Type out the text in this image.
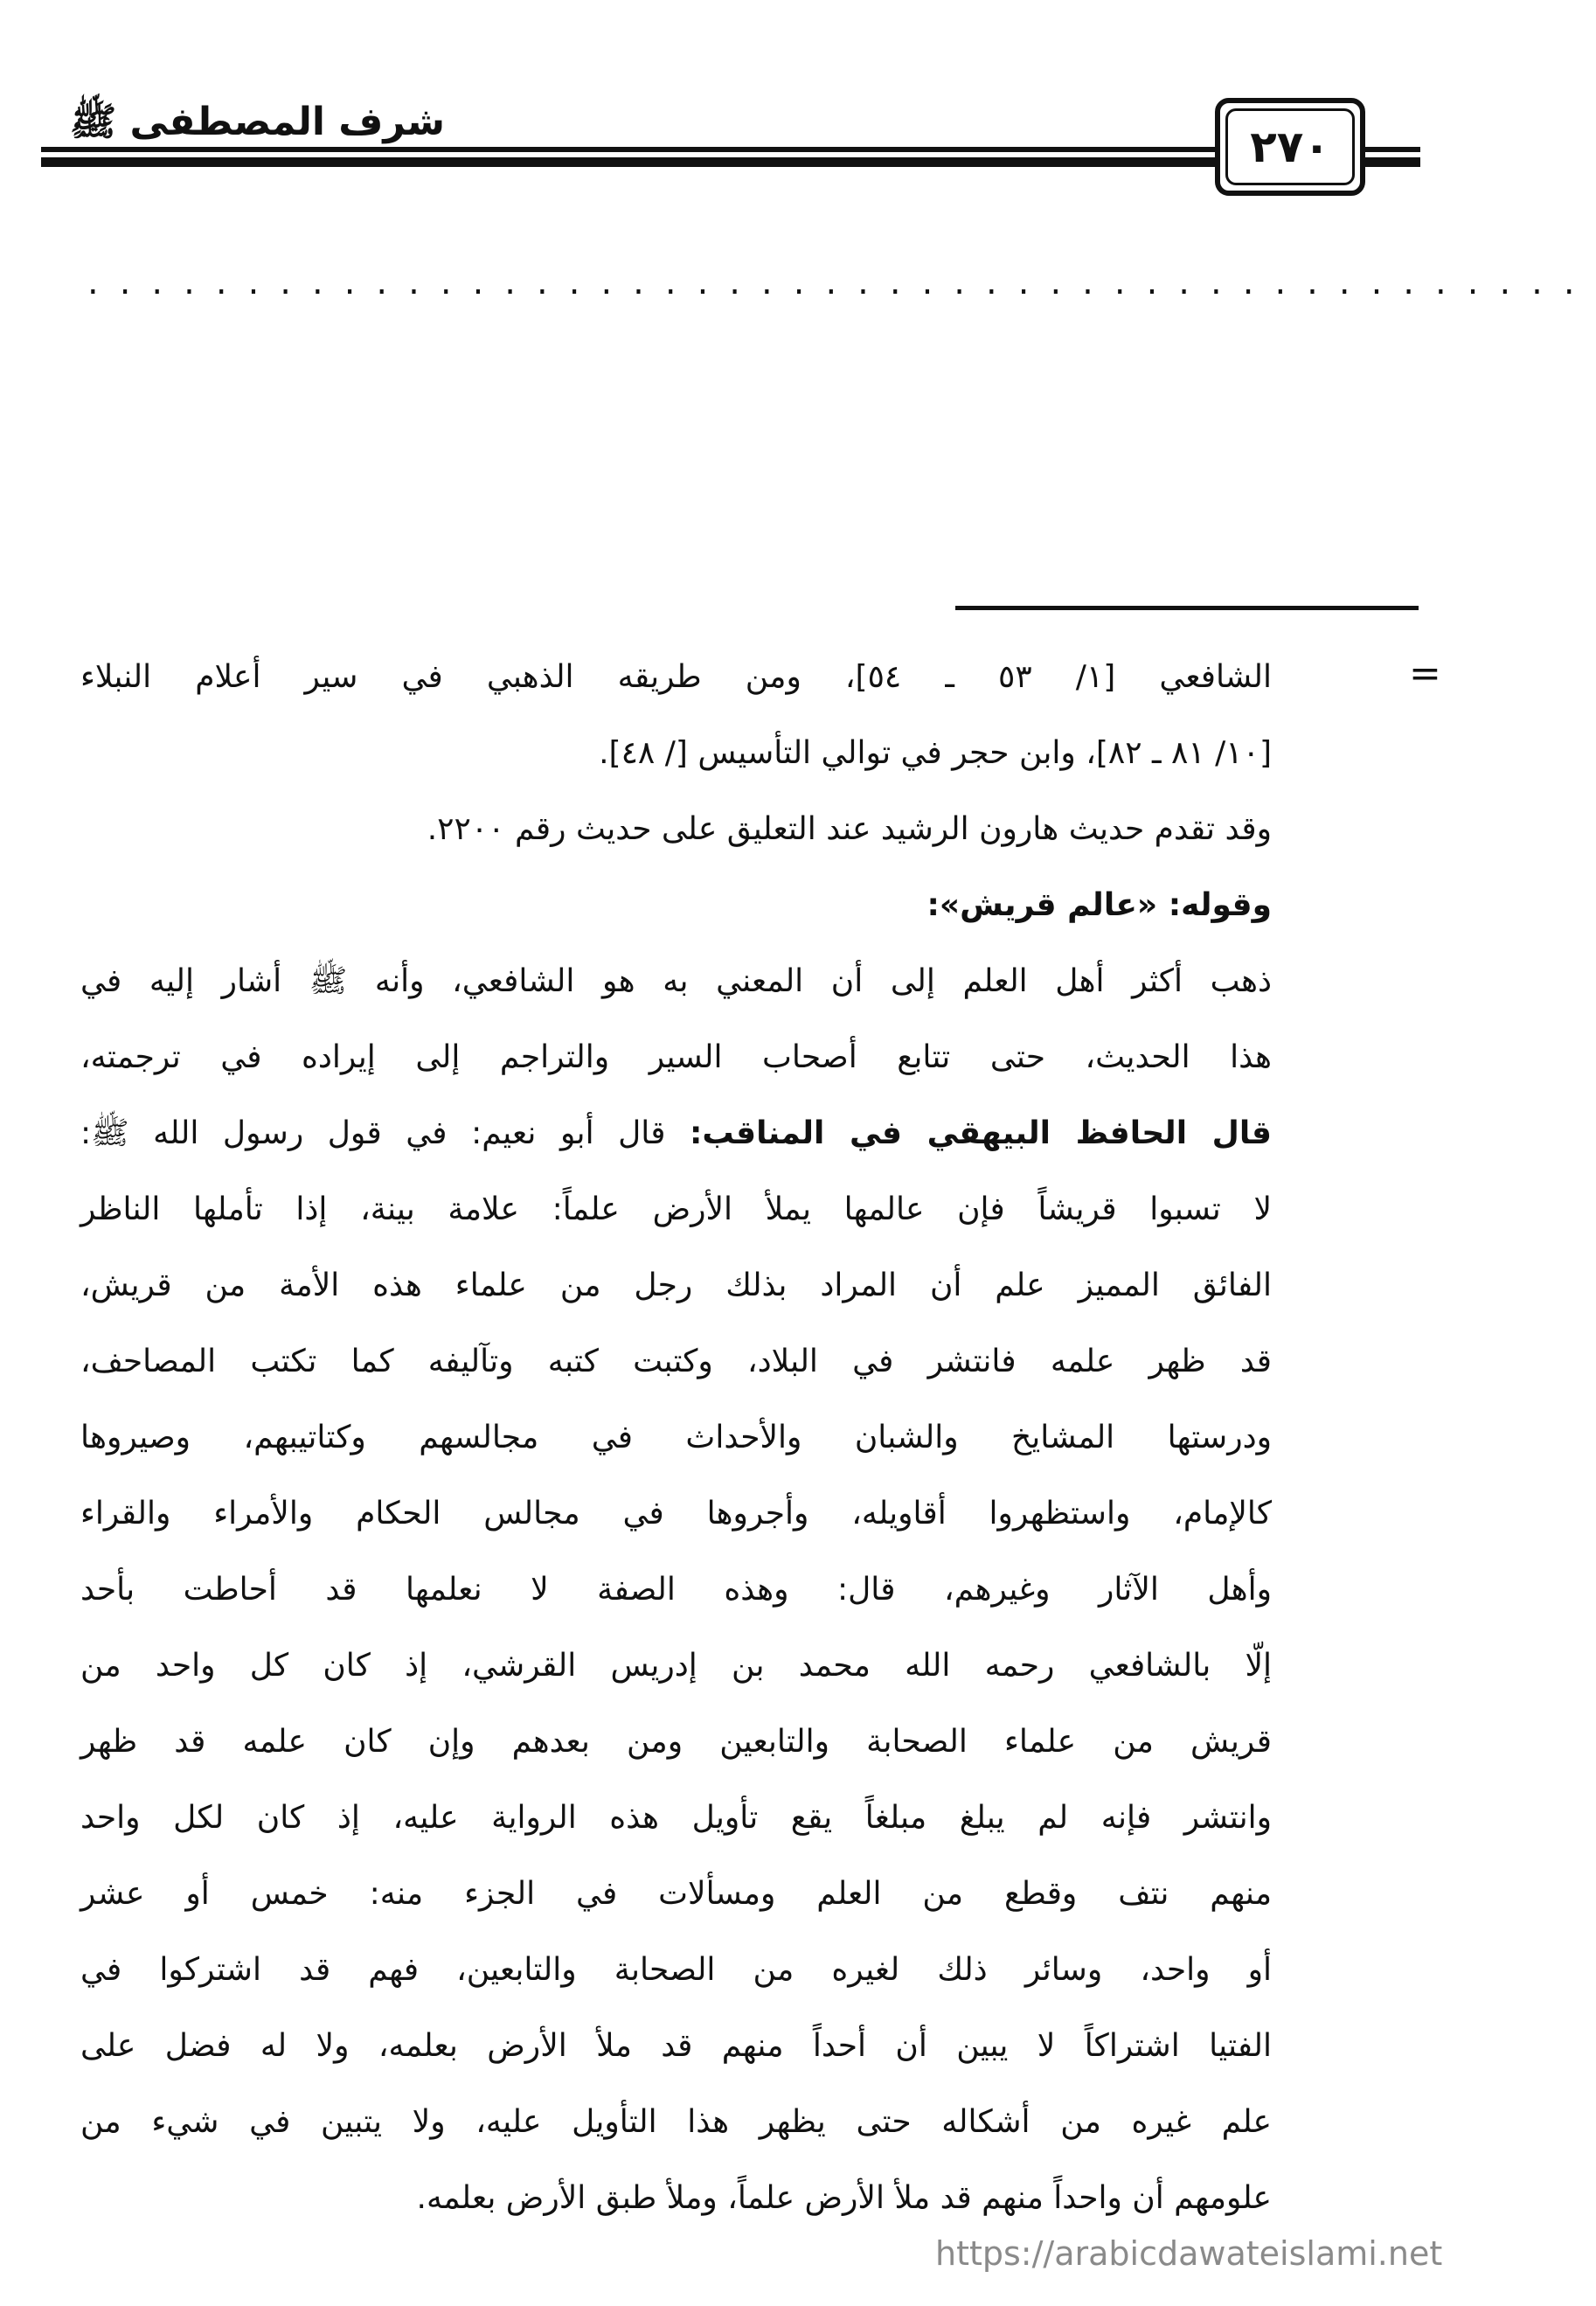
شرف المصطفى ﷺ	٢٧٠
...............................................
=
الشافعي [١/ ٥٣ ـ ٥٤]، ومن طريقه الذهبي في سير أعلام النبلاء
[١٠/ ٨١ ـ ٨٢]، وابن حجر في توالي التأسيس [/ ٤٨].
وقد تقدم حديث هارون الرشيد عند التعليق على حديث رقم ٢٢٠٠.
وقوله: «عالم قريش»:
ذهب أكثر أهل العلم إلى أن المعني به هو الشافعي، وأنه ﷺ أشار إليه في
هذا الحديث، حتى تتابع أصحاب السير والتراجم إلى إيراده في ترجمته،
قال الحافظ البيهقي في المناقب: قال أبو نعيم: في قول رسول الله ﷺ:
لا تسبوا قريشاً فإن عالمها يملأ الأرض علماً: علامة بينة، إذا تأملها الناظر
الفائق المميز علم أن المراد بذلك رجل من علماء هذه الأمة من قريش،
قد ظهر علمه فانتشر في البلاد، وكتبت كتبه وتآليفه كما تكتب المصاحف،
ودرستها المشايخ والشبان والأحداث في مجالسهم وكتاتيبهم، وصيروها
كالإمام، واستظهروا أقاويله، وأجروها في مجالس الحكام والأمراء والقراء
وأهل الآثار وغيرهم، قال: وهذه الصفة لا نعلمها قد أحاطت بأحد
إلّا بالشافعي رحمه الله محمد بن إدريس القرشي، إذ كان كل واحد من
قريش من علماء الصحابة والتابعين ومن بعدهم وإن كان علمه قد ظهر
وانتشر فإنه لم يبلغ مبلغاً يقع تأويل هذه الرواية عليه، إذ كان لكل واحد
منهم نتف وقطع من العلم ومسألات في الجزء منه: خمس أو عشر
أو واحد، وسائر ذلك لغيره من الصحابة والتابعين، فهم قد اشتركوا في
الفتيا اشتراكاً لا يبين أن أحداً منهم قد ملأ الأرض بعلمه، ولا له فضل على
علم غيره من أشكاله حتى يظهر هذا التأويل عليه، ولا يتبين في شيء من
علومهم أن واحداً منهم قد ملأ الأرض علماً، وملأ طبق الأرض بعلمه.
https://arabicdawateislami.net
